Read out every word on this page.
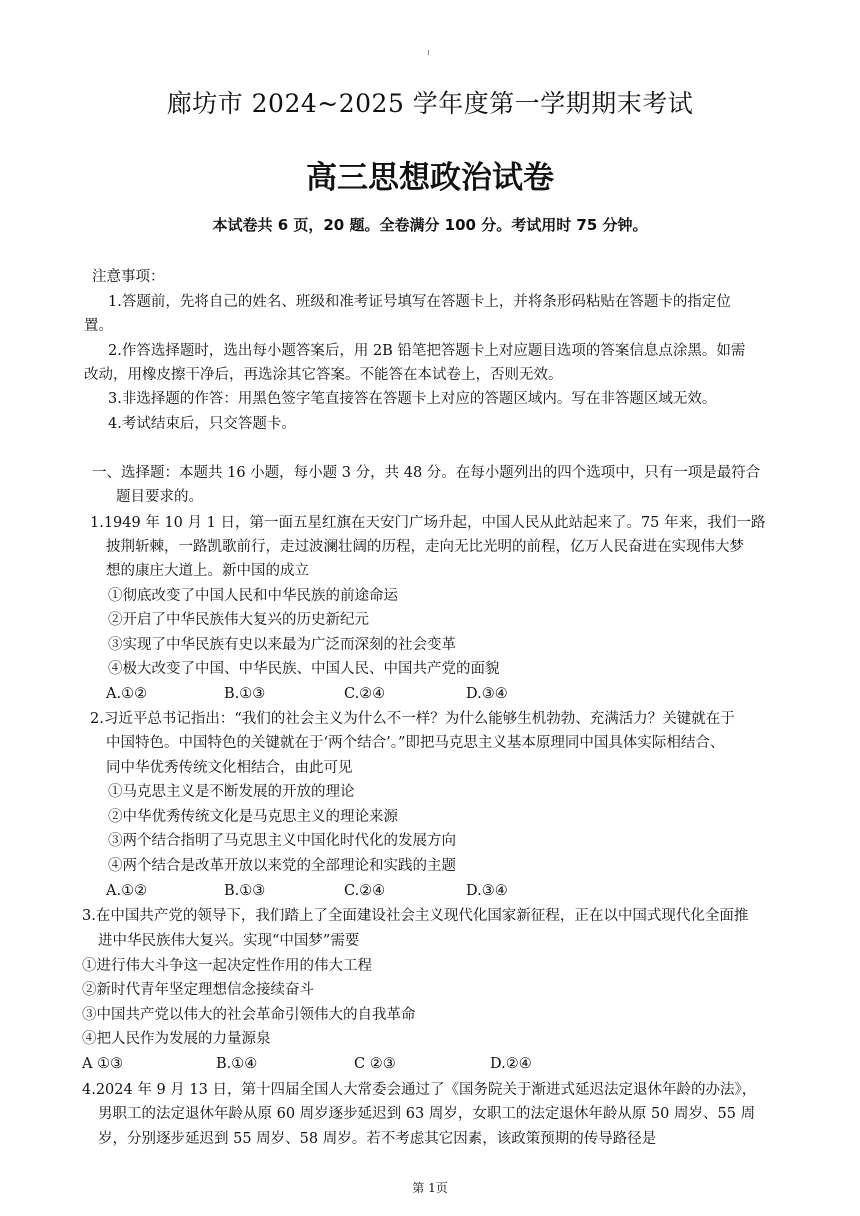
廊坊市 2024~2025 学年度第一学期期末考试
高三思想政治试卷
本试卷共 6 页，20 题。全卷满分 100 分。考试用时 75 分钟。
注意事项：
1.答题前，先将自己的姓名、班级和准考证号填写在答题卡上，并将条形码粘贴在答题卡的指定位
置。
2.作答选择题时，选出每小题答案后，用 2B 铅笔把答题卡上对应题目选项的答案信息点涂黑。如需
改动，用橡皮擦干净后，再选涂其它答案。不能答在本试卷上，否则无效。
3.非选择题的作答：用黑色签字笔直接答在答题卡上对应的答题区域内。写在非答题区域无效。
4.考试结束后，只交答题卡。
一、选择题：本题共 16 小题，每小题 3 分，共 48 分。在每小题列出的四个选项中，只有一项是最符合
题目要求的。
1.1949 年 10 月 1 日，第一面五星红旗在天安门广场升起，中国人民从此站起来了。75 年来，我们一路
披荆斩棘，一路凯歌前行，走过波澜壮阔的历程，走向无比光明的前程，亿万人民奋进在实现伟大梦
想的康庄大道上。新中国的成立
①彻底改变了中国人民和中华民族的前途命运
②开启了中华民族伟大复兴的历史新纪元
③实现了中华民族有史以来最为广泛而深刻的社会变革
④极大改变了中国、中华民族、中国人民、中国共产党的面貌
A.①②	B.①③	C.②④	D.③④
2.习近平总书记指出：“我们的社会主义为什么不一样？为什么能够生机勃勃、充满活力？关键就在于
中国特色。中国特色的关键就在于‘两个结合’。”即把马克思主义基本原理同中国具体实际相结合、
同中华优秀传统文化相结合，由此可见
①马克思主义是不断发展的开放的理论
②中华优秀传统文化是马克思主义的理论来源
③两个结合指明了马克思主义中国化时代化的发展方向
④两个结合是改革开放以来党的全部理论和实践的主题
A.①②	B.①③	C.②④	D.③④
3.在中国共产党的领导下，我们踏上了全面建设社会主义现代化国家新征程，正在以中国式现代化全面推
进中华民族伟大复兴。实现“中国梦”需要
①进行伟大斗争这一起决定性作用的伟大工程
②新时代青年坚定理想信念接续奋斗
③中国共产党以伟大的社会革命引领伟大的自我革命
④把人民作为发展的力量源泉
A ①③	B.①④	C ②③	D.②④
4.2024 年 9 月 13 日，第十四届全国人大常委会通过了《国务院关于渐进式延迟法定退休年龄的办法》，
男职工的法定退休年龄从原 60 周岁逐步延迟到 63 周岁，女职工的法定退休年龄从原 50 周岁、55 周
岁，分别逐步延迟到 55 周岁、58 周岁。若不考虑其它因素，该政策预期的传导路径是
第 1页
